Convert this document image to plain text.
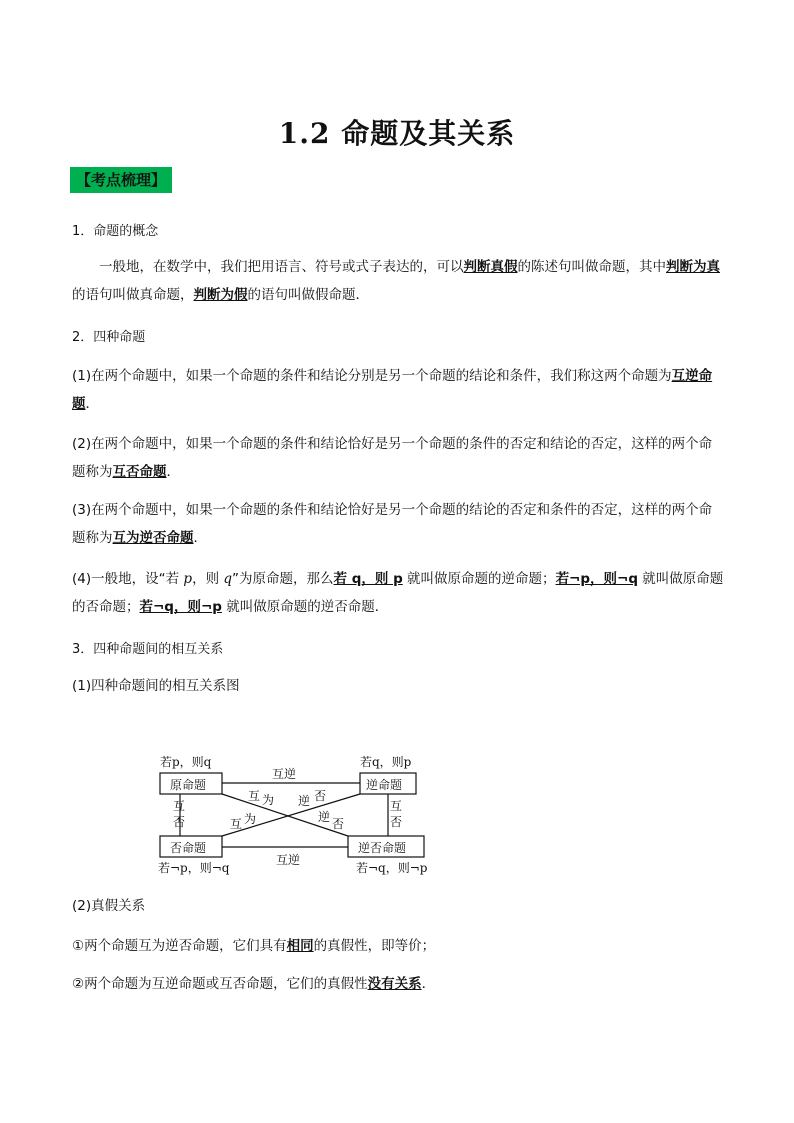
1.2 命题及其关系
【考点梳理】
1．命题的概念
一般地，在数学中，我们把用语言、符号或式子表达的，可以判断真假的陈述句叫做命题，其中判断为真的语句叫做真命题，判断为假的语句叫做假命题．
2．四种命题
(1)在两个命题中，如果一个命题的条件和结论分别是另一个命题的结论和条件，我们称这两个命题为互逆命题．
(2)在两个命题中，如果一个命题的条件和结论恰好是另一个命题的条件的否定和结论的否定，这样的两个命题称为互否命题．
(3)在两个命题中，如果一个命题的条件和结论恰好是另一个命题的结论的否定和条件的否定，这样的两个命题称为互为逆否命题．
(4)一般地，设“若 p，则 q”为原命题，那么若 q，则 p 就叫做原命题的逆命题；若¬p，则¬q 就叫做原命题的否命题；若¬q，则¬p 就叫做原命题的逆否命题．
3．四种命题间的相互关系
(1)四种命题间的相互关系图
若p，则q	若q，则p
若¬p，则¬q	若¬q，则¬p
原命题	逆命题
否命题	逆否命题
互逆
互逆
互
否
互
否
互 为 逆 否
互 为	逆 否
(2)真假关系
①两个命题互为逆否命题，它们具有相同的真假性，即等价；
②两个命题为互逆命题或互否命题，它们的真假性没有关系．
